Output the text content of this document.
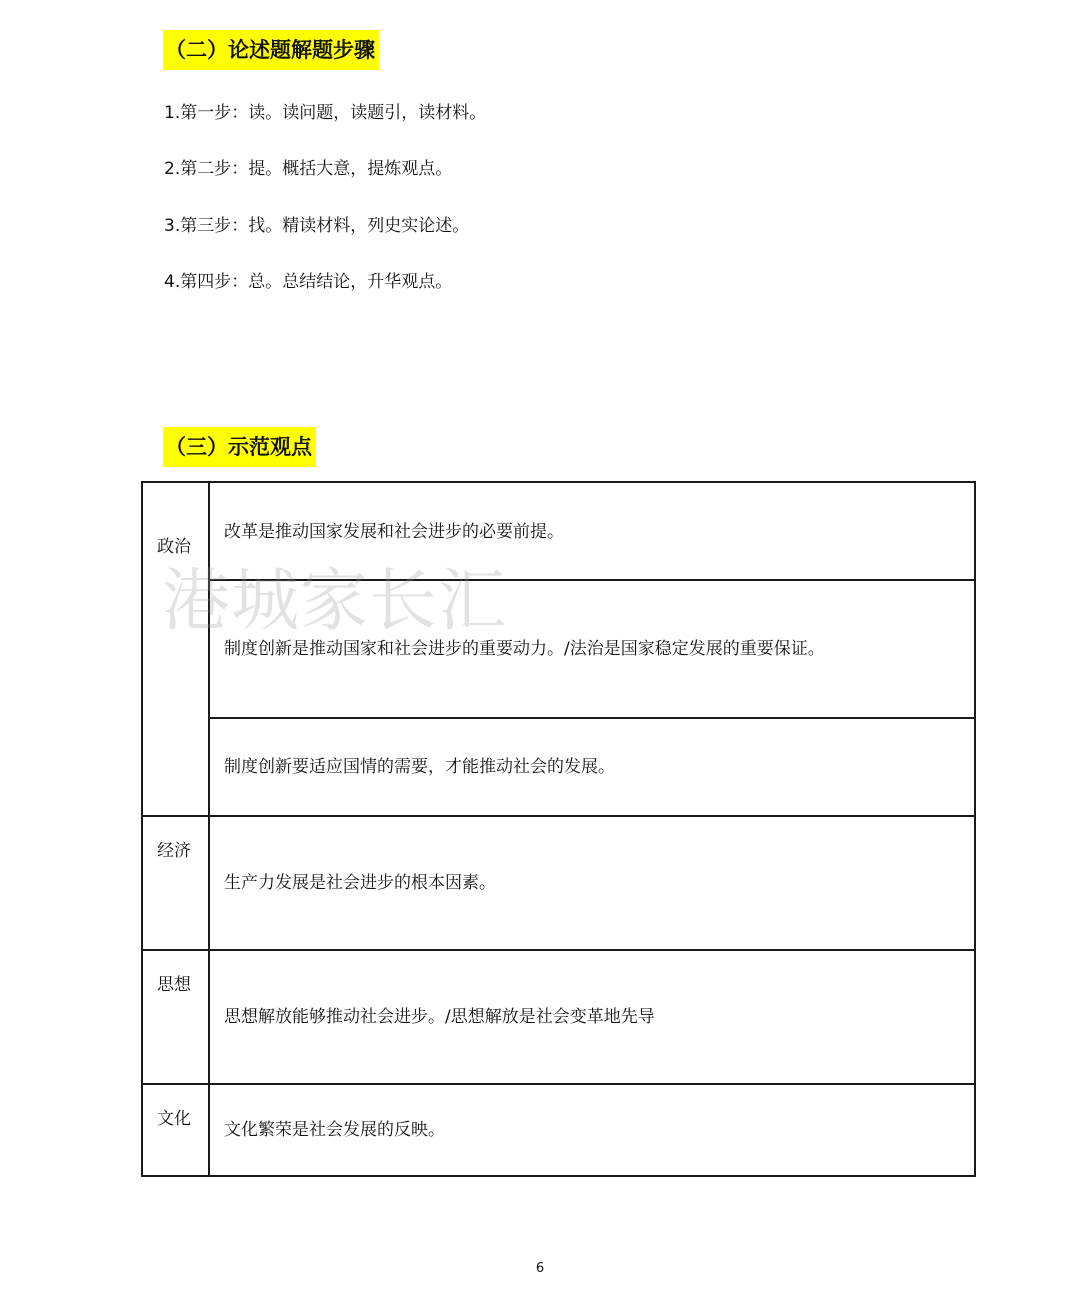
（二）论述题解题步骤
1.第一步：读。读问题，读题引，读材料。
2.第二步：提。概括大意，提炼观点。
3.第三步：找。精读材料，列史实论述。
4.第四步：总。总结结论，升华观点。
（三）示范观点
政治	改革是推动国家发展和社会进步的必要前提。
	制度创新是推动国家和社会进步的重要动力。/法治是国家稳定发展的重要保证。
	制度创新要适应国情的需要，才能推动社会的发展。

经济	生产力发展是社会进步的根本因素。

思想	思想解放能够推动社会进步。/思想解放是社会变革地先导

文化	文化繁荣是社会发展的反映。
港城家长汇
6
